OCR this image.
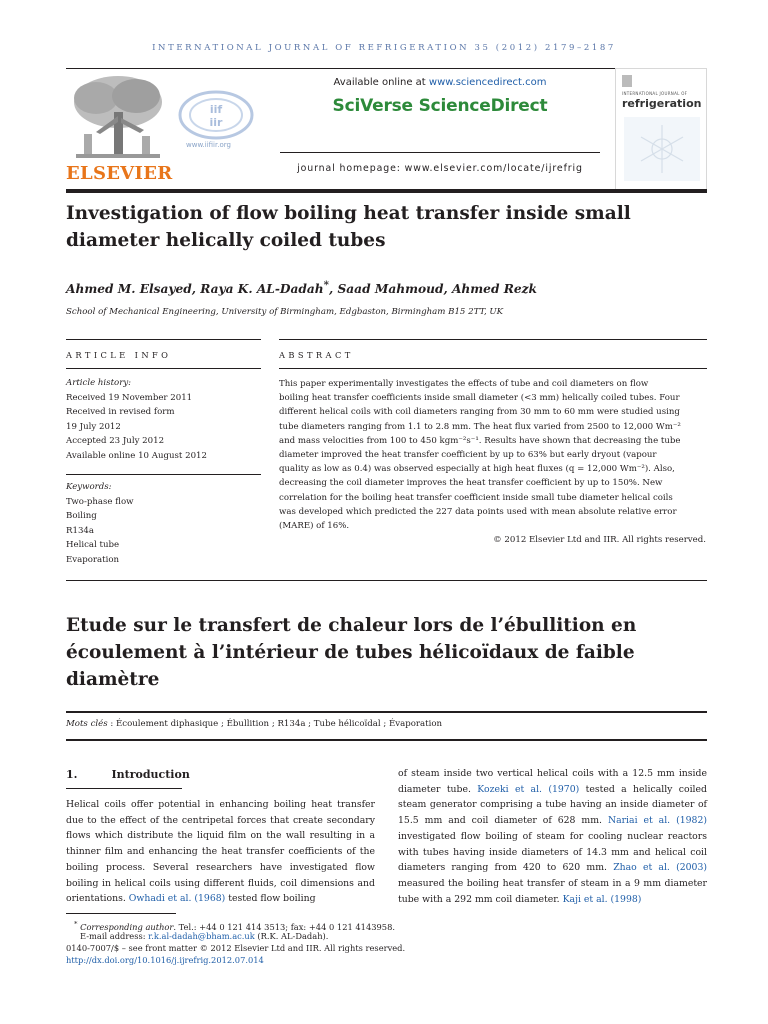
INTERNATIONAL JOURNAL OF REFRIGERATION 35 (2012) 2179–2187
ELSEVIER
iif
iir
www.iifiir.org
Available online at www.sciencedirect.com
SciVerse ScienceDirect
journal homepage: www.elsevier.com/locate/ijrefrig
INTERNATIONAL JOURNAL OF
refrigeration
Investigation of flow boiling heat transfer inside small diameter helically coiled tubes
Ahmed M. Elsayed, Raya K. AL-Dadah*, Saad Mahmoud, Ahmed Rezk
School of Mechanical Engineering, University of Birmingham, Edgbaston, Birmingham B15 2TT, UK
ARTICLE INFO	ABSTRACT
Article history:
Received 19 November 2011
Received in revised form
19 July 2012
Accepted 23 July 2012
Available online 10 August 2012
Keywords:
Two-phase flow
Boiling
R134a
Helical tube
Evaporation
This paper experimentally investigates the effects of tube and coil diameters on flow
boiling heat transfer coefficients inside small diameter (<3 mm) helically coiled tubes. Four
different helical coils with coil diameters ranging from 30 mm to 60 mm were studied using
tube diameters ranging from 1.1 to 2.8 mm. The heat flux varied from 2500 to 12,000 Wm⁻²
and mass velocities from 100 to 450 kgm⁻²s⁻¹. Results have shown that decreasing the tube
diameter improved the heat transfer coefficient by up to 63% but early dryout (vapour
quality as low as 0.4) was observed especially at high heat fluxes (q = 12,000 Wm⁻²). Also,
decreasing the coil diameter improves the heat transfer coefficient by up to 150%. New
correlation for the boiling heat transfer coefficient inside small tube diameter helical coils
was developed which predicted the 227 data points used with mean absolute relative error
(MARE) of 16%.
© 2012 Elsevier Ltd and IIR. All rights reserved.
Etude sur le transfert de chaleur lors de l’ébullition en écoulement à l’intérieur de tubes hélicoïdaux de faible diamètre
Mots clés : Écoulement diphasique ; Ébullition ; R134a ; Tube hélicoïdal ; Évaporation
1.	Introduction
Helical coils offer potential in enhancing boiling heat transfer due to the effect of the centripetal forces that create secondary flows which distribute the liquid film on the wall resulting in a thinner film and enhancing the heat transfer coefficients of the boiling process. Several researchers have investigated flow boiling in helical coils using different fluids, coil dimensions and orientations. Owhadi et al. (1968) tested flow boiling
of steam inside two vertical helical coils with a 12.5 mm inside diameter tube. Kozeki et al. (1970) tested a helically coiled steam generator comprising a tube having an inside diameter of 15.5 mm and coil diameter of 628 mm. Nariai et al. (1982) investigated flow boiling of steam for cooling nuclear reactors with tubes having inside diameters of 14.3 mm and helical coil diameters ranging from 420 to 620 mm. Zhao et al. (2003) measured the boiling heat transfer of steam in a 9 mm diameter tube with a 292 mm coil diameter. Kaji et al. (1998)
* Corresponding author. Tel.: +44 0 121 414 3513; fax: +44 0 121 4143958.
E-mail address: r.k.al-dadah@bham.ac.uk (R.K. AL-Dadah).
0140-7007/$ – see front matter © 2012 Elsevier Ltd and IIR. All rights reserved.
http://dx.doi.org/10.1016/j.ijrefrig.2012.07.014
